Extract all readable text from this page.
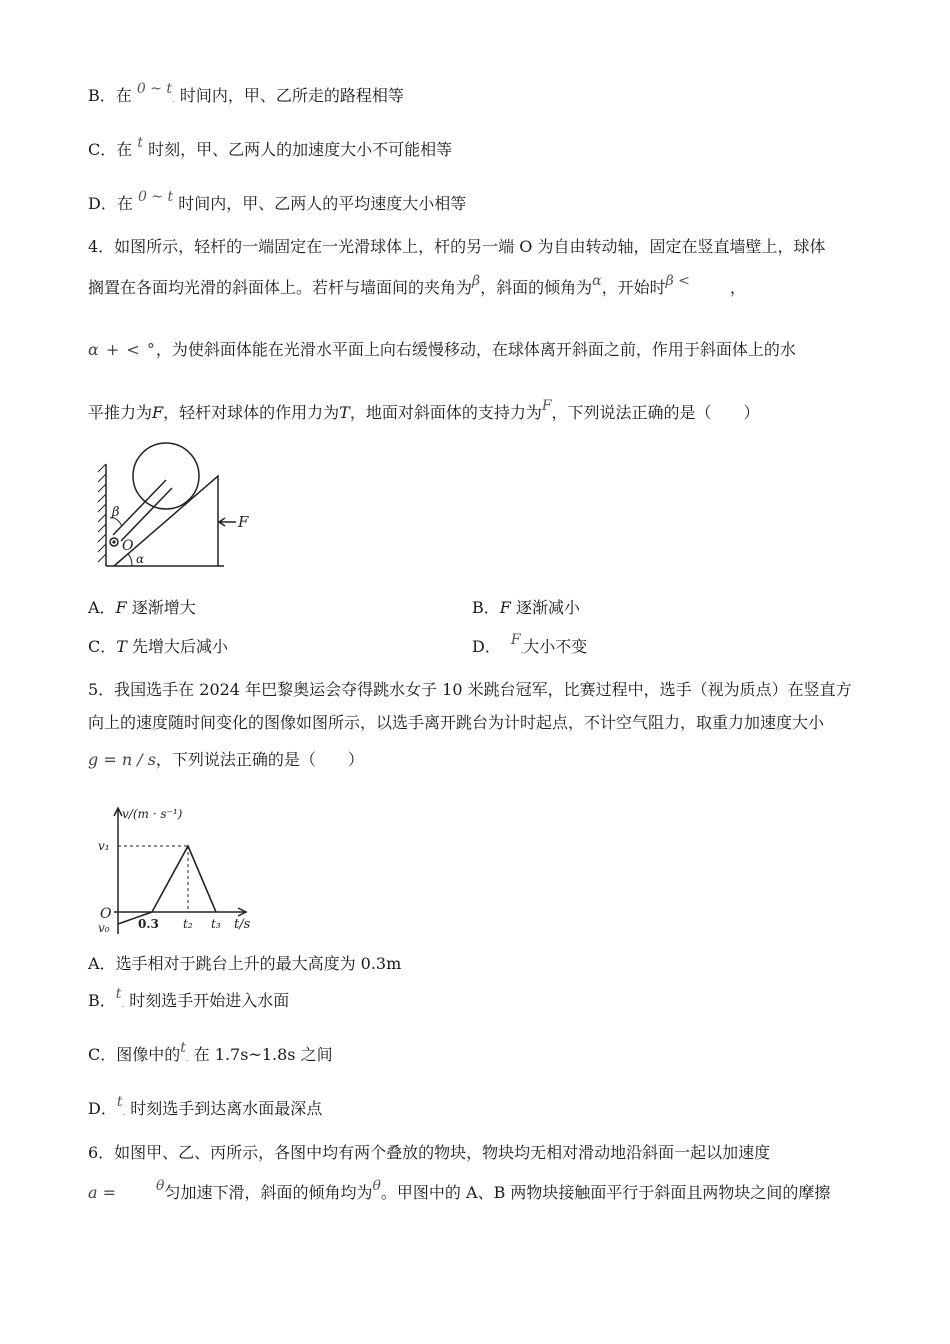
B．在 0 ~ t- 时间内，甲、乙所走的路程相等
C．在 t 时刻，甲、乙两人的加速度大小不可能相等
D．在 0 ~ t 时间内，甲、乙两人的平均速度大小相等
4．如图所示，轻杆的一端固定在一光滑球体上，杆的另一端 O 为自由转动轴，固定在竖直墙壁上，球体
搁置在各面均光滑的斜面体上。若杆与墙面间的夹角为β，斜面的倾角为α，开始时β <	，
α + < °，为使斜面体能在光滑水平面上向右缓慢移动，在球体离开斜面之前，作用于斜面体上的水
平推力为F，轻杆对球体的作用力为T，地面对斜面体的支持力为F，下列说法正确的是（　　）
β
O
α
F
A．F 逐渐增大	B．F 逐渐减小
C．T 先增大后减小	D． F-大小不变
5．我国选手在 2024 年巴黎奥运会夺得跳水女子 10 米跳台冠军，比赛过程中，选手（视为质点）在竖直方
向上的速度随时间变化的图像如图所示，以选手离开跳台为计时起点，不计空气阻力，取重力加速度大小
g = n / s，下列说法正确的是（　　）
v/(m · s⁻¹)
t/s
O
v₁
v₀ 0.3 t₂ t₃
A．选手相对于跳台上升的最大高度为 0.3m
B．t- 时刻选手开始进入水面
C．图像中的t- 在 1.7s~1.8s 之间
D．t- 时刻选手到达离水面最深点
6．如图甲、乙、丙所示，各图中均有两个叠放的物块，物块均无相对滑动地沿斜面一起以加速度
a =	θ匀加速下滑，斜面的倾角均为θ。甲图中的 A、B 两物块接触面平行于斜面且两物块之间的摩擦
